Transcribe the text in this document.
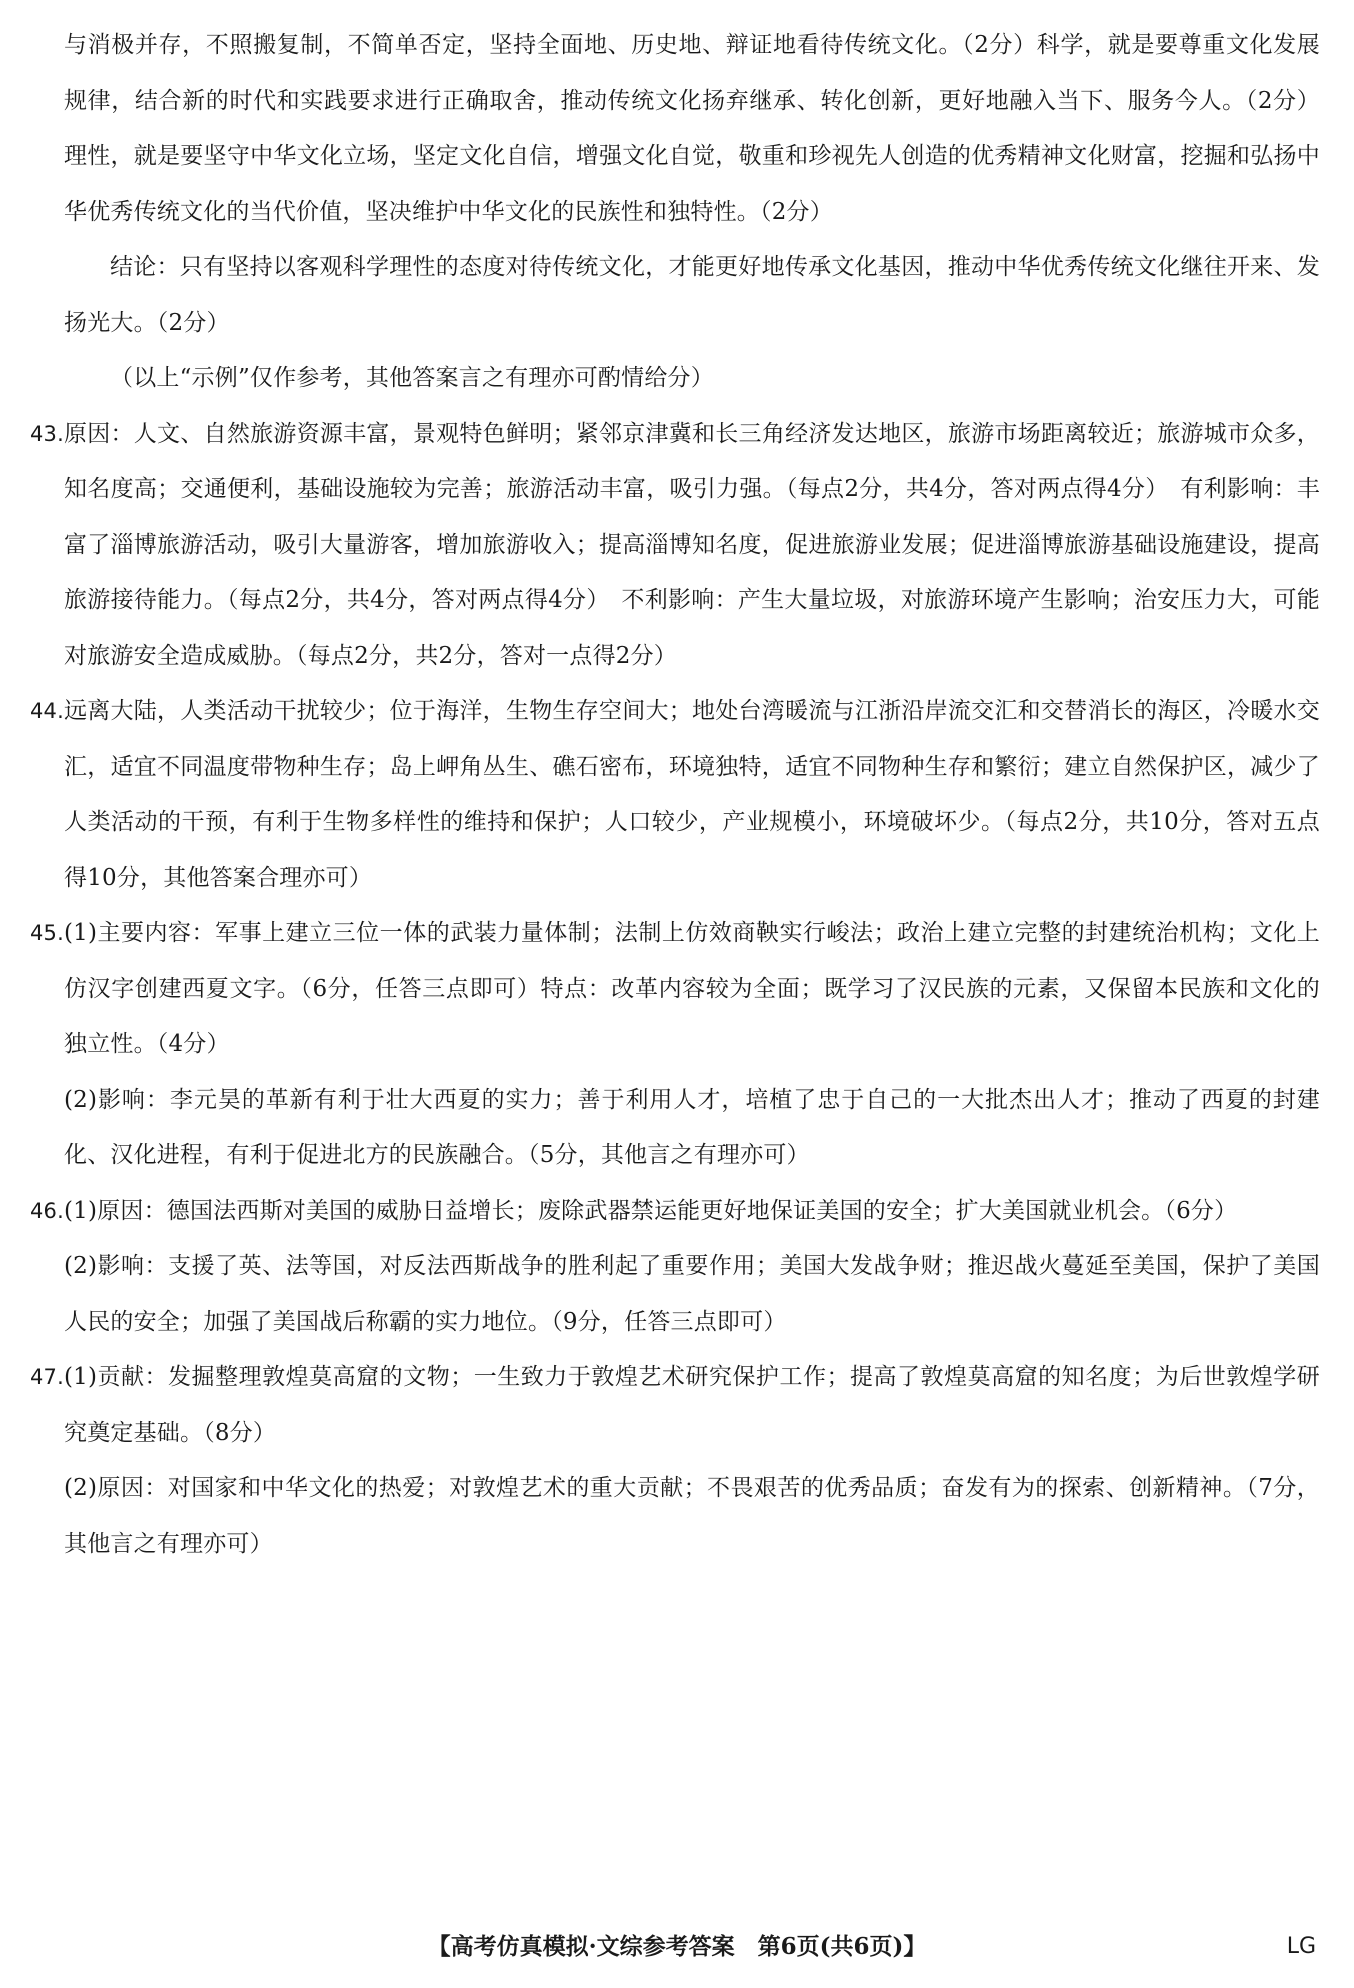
与消极并存，不照搬复制，不简单否定，坚持全面地、历史地、辩证地看待传统文化。（2分）科学，就是要尊重文化发展规律，结合新的时代和实践要求进行正确取舍，推动传统文化扬弃继承、转化创新，更好地融入当下、服务今人。（2分）理性，就是要坚守中华文化立场，坚定文化自信，增强文化自觉，敬重和珍视先人创造的优秀精神文化财富，挖掘和弘扬中华优秀传统文化的当代价值，坚决维护中华文化的民族性和独特性。（2分）

结论：只有坚持以客观科学理性的态度对待传统文化，才能更好地传承文化基因，推动中华优秀传统文化继往开来、发扬光大。（2分）

（以上“示例”仅作参考，其他答案言之有理亦可酌情给分）

43. 原因：人文、自然旅游资源丰富，景观特色鲜明；紧邻京津冀和长三角经济发达地区，旅游市场距离较近；旅游城市众多，知名度高；交通便利，基础设施较为完善；旅游活动丰富，吸引力强。（每点2分，共4分，答对两点得4分）　有利影响：丰富了淄博旅游活动，吸引大量游客，增加旅游收入；提高淄博知名度，促进旅游业发展；促进淄博旅游基础设施建设，提高旅游接待能力。（每点2分，共4分，答对两点得4分）　不利影响：产生大量垃圾，对旅游环境产生影响；治安压力大，可能对旅游安全造成威胁。（每点2分，共2分，答对一点得2分）

44. 远离大陆，人类活动干扰较少；位于海洋，生物生存空间大；地处台湾暖流与江浙沿岸流交汇和交替消长的海区，冷暖水交汇，适宜不同温度带物种生存；岛上岬角丛生、礁石密布，环境独特，适宜不同物种生存和繁衍；建立自然保护区，减少了人类活动的干预，有利于生物多样性的维持和保护；人口较少，产业规模小，环境破坏少。（每点2分，共10分，答对五点得10分，其他答案合理亦可）

45. (1)主要内容：军事上建立三位一体的武装力量体制；法制上仿效商鞅实行峻法；政治上建立完整的封建统治机构；文化上仿汉字创建西夏文字。（6分，任答三点即可）特点：改革内容较为全面；既学习了汉民族的元素，又保留本民族和文化的独立性。（4分）

(2)影响：李元昊的革新有利于壮大西夏的实力；善于利用人才，培植了忠于自己的一大批杰出人才；推动了西夏的封建化、汉化进程，有利于促进北方的民族融合。（5分，其他言之有理亦可）

46. (1)原因：德国法西斯对美国的威胁日益增长；废除武器禁运能更好地保证美国的安全；扩大美国就业机会。（6分）

(2)影响：支援了英、法等国，对反法西斯战争的胜利起了重要作用；美国大发战争财；推迟战火蔓延至美国，保护了美国人民的安全；加强了美国战后称霸的实力地位。（9分，任答三点即可）

47. (1)贡献：发掘整理敦煌莫高窟的文物；一生致力于敦煌艺术研究保护工作；提高了敦煌莫高窟的知名度；为后世敦煌学研究奠定基础。（8分）

(2)原因：对国家和中华文化的热爱；对敦煌艺术的重大贡献；不畏艰苦的优秀品质；奋发有为的探索、创新精神。（7分，其他言之有理亦可）

【高考仿真模拟·文综参考答案　第6页(共6页)】	LG
